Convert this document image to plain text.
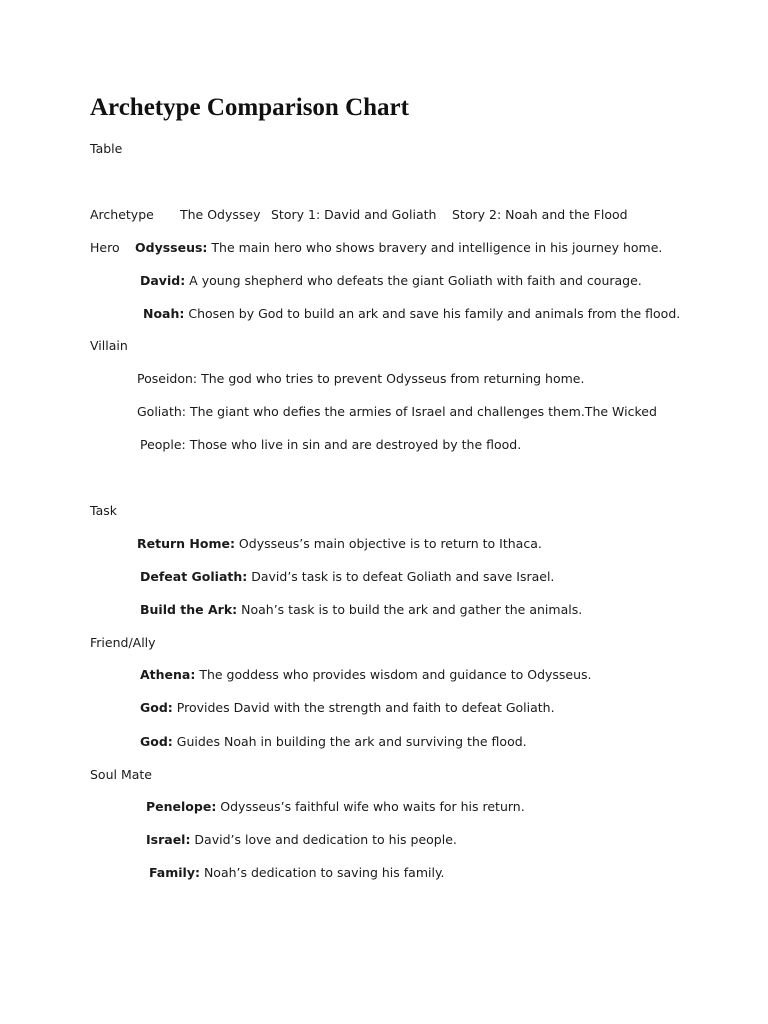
Archetype Comparison Chart
Table
Archetype The Odyssey Story 1: David and Goliath Story 2: Noah and the Flood
Hero Odysseus: The main hero who shows bravery and intelligence in his journey home.
David: A young shepherd who defeats the giant Goliath with faith and courage.
Noah: Chosen by God to build an ark and save his family and animals from the flood.
Villain
Poseidon: The god who tries to prevent Odysseus from returning home.
Goliath: The giant who defies the armies of Israel and challenges them.The Wicked
People: Those who live in sin and are destroyed by the flood.
Task
Return Home: Odysseus’s main objective is to return to Ithaca.
Defeat Goliath: David’s task is to defeat Goliath and save Israel.
Build the Ark: Noah’s task is to build the ark and gather the animals.
Friend/Ally
Athena: The goddess who provides wisdom and guidance to Odysseus.
God: Provides David with the strength and faith to defeat Goliath.
God: Guides Noah in building the ark and surviving the flood.
Soul Mate
Penelope: Odysseus’s faithful wife who waits for his return.
Israel: David’s love and dedication to his people.
Family: Noah’s dedication to saving his family.
